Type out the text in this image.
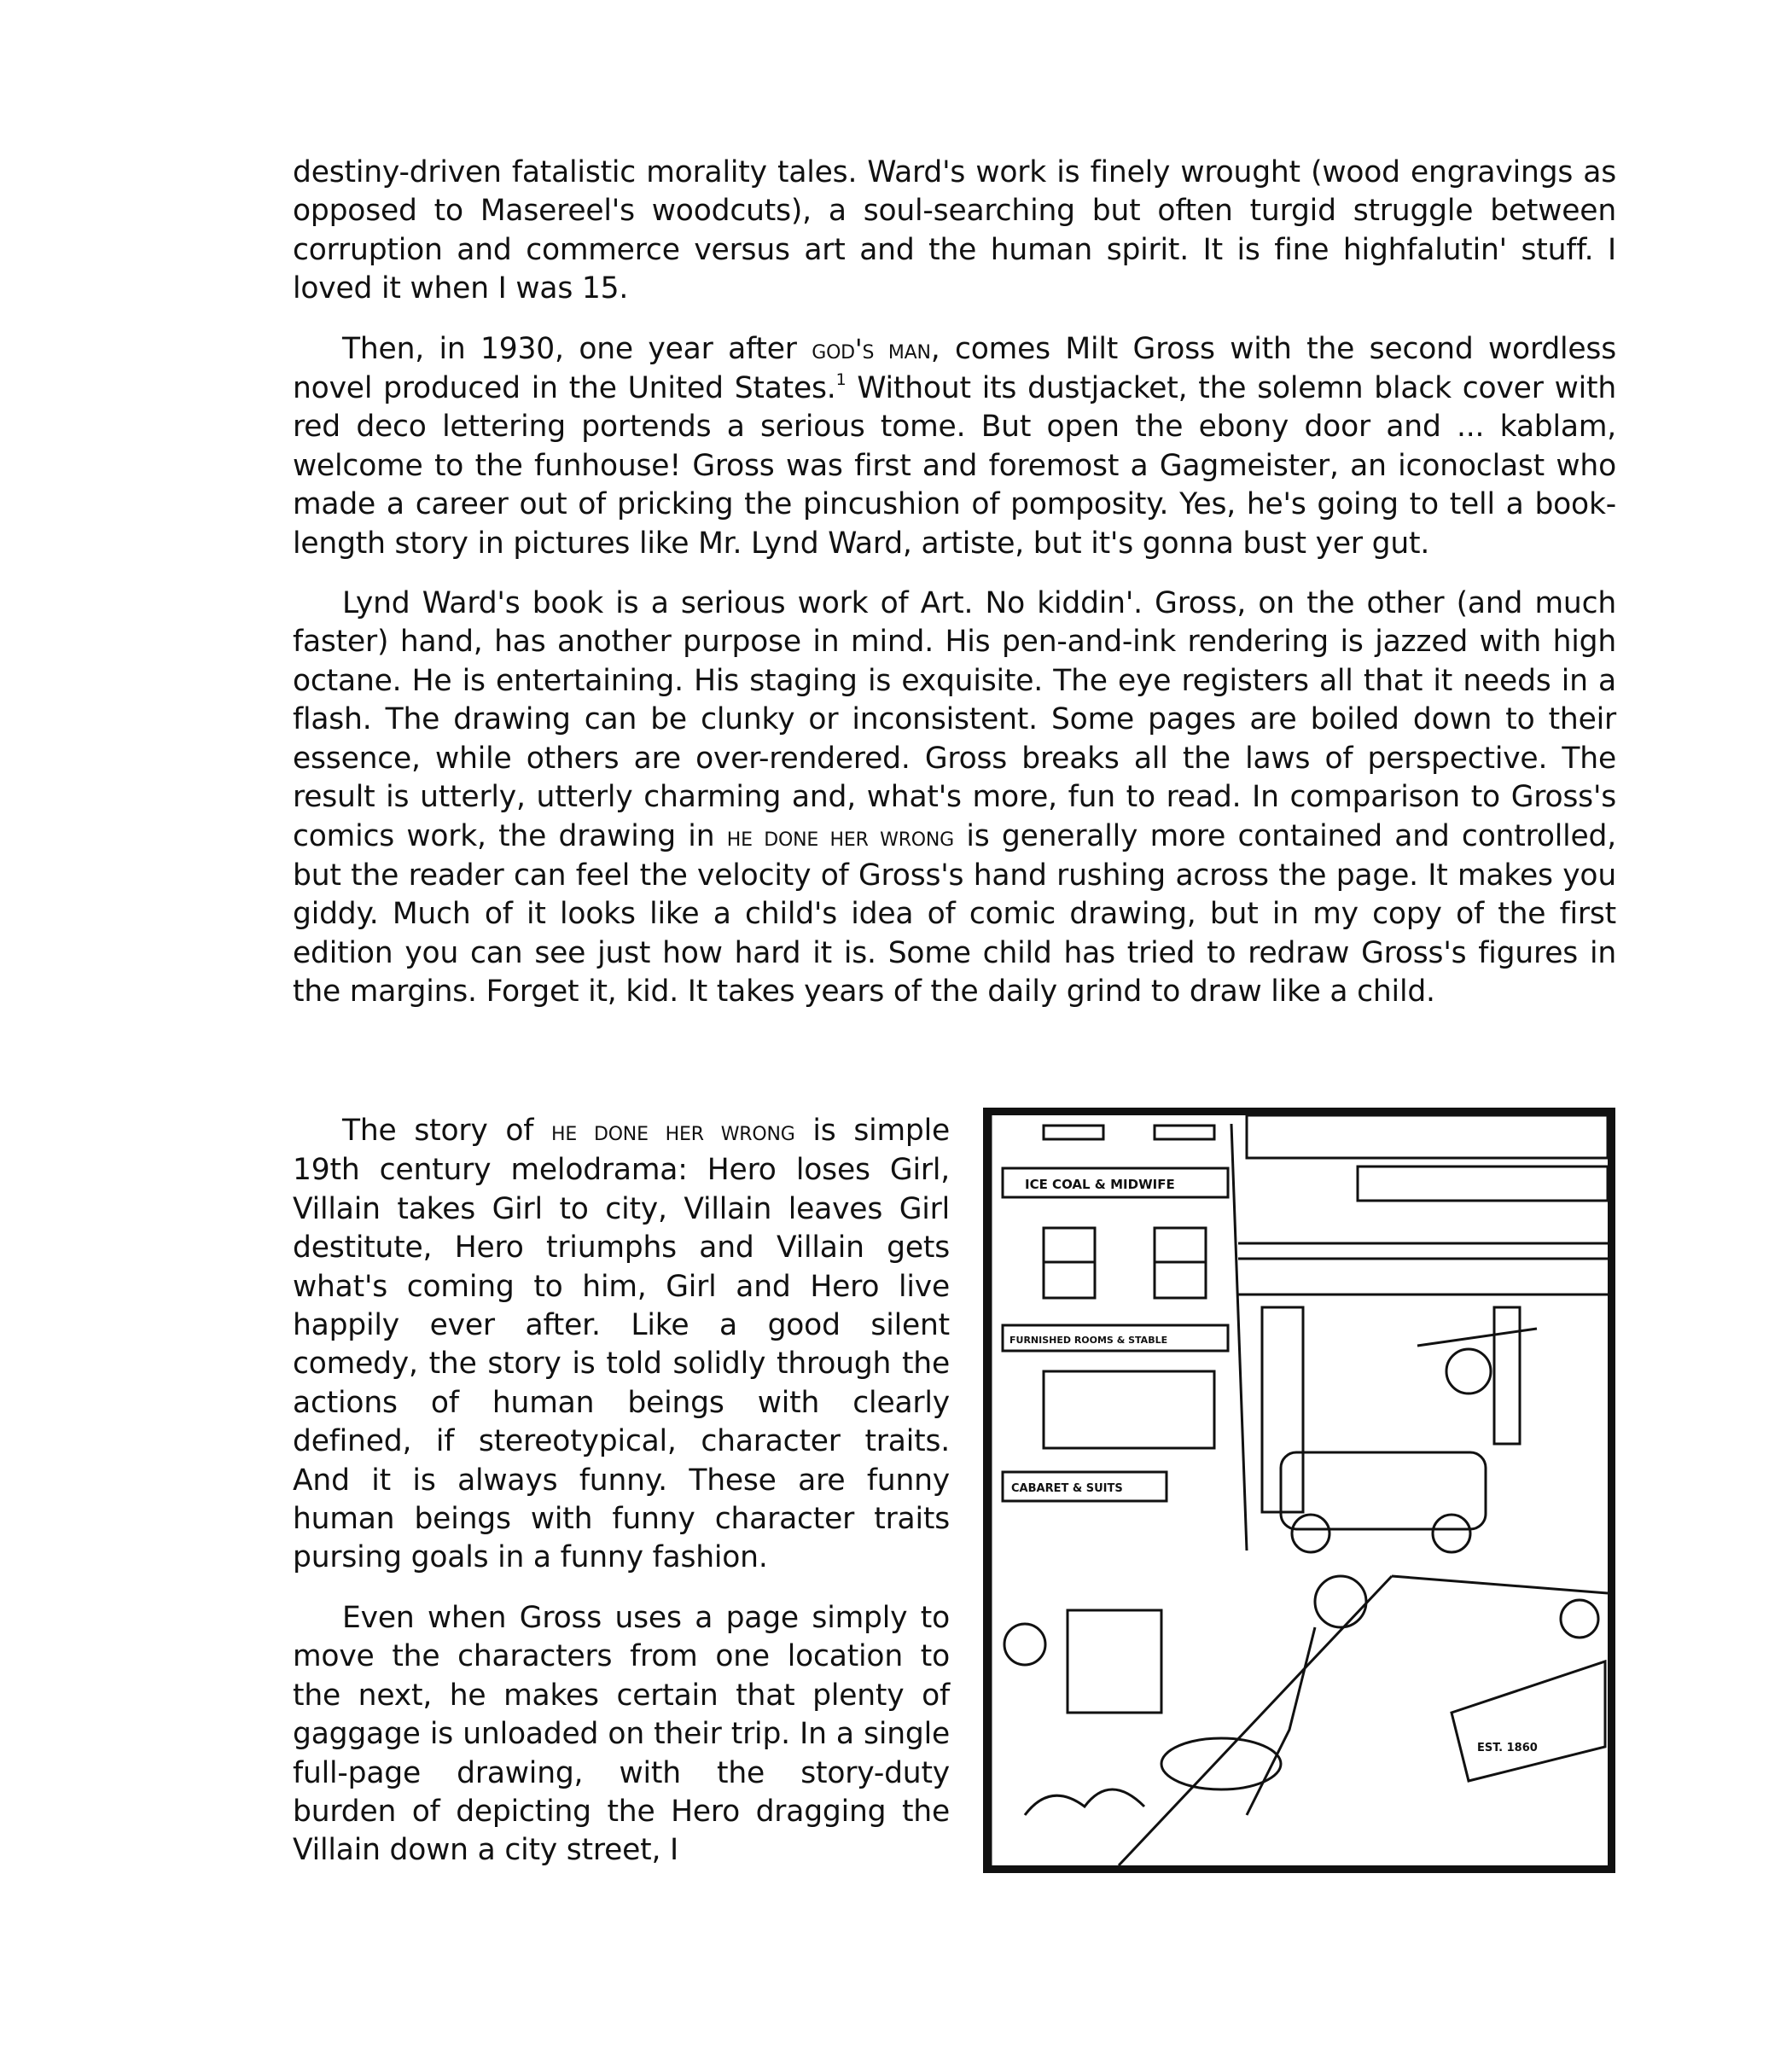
destiny-driven fatalistic morality tales. Ward's work is finely wrought (wood engravings as opposed to Masereel's woodcuts), a soul-searching but often turgid struggle between corruption and commerce versus art and the human spirit. It is fine highfalutin' stuff. I loved it when I was 15.

Then, in 1930, one year after god's man, comes Milt Gross with the second wordless novel produced in the United States.$^1$ Without its dustjacket, the solemn black cover with red deco lettering portends a serious tome. But open the ebony door and ... kablam, welcome to the funhouse! Gross was first and foremost a Gagmeister, an iconoclast who made a career out of pricking the pincushion of pomposity. Yes, he's going to tell a book-length story in pictures like Mr. Lynd Ward, artiste, but it's gonna bust yer gut.

Lynd Ward's book is a serious work of Art. No kiddin'. Gross, on the other (and much faster) hand, has another purpose in mind. His pen-and-ink rendering is jazzed with high octane. He is entertaining. His staging is exquisite. The eye registers all that it needs in a flash. The drawing can be clunky or inconsistent. Some pages are boiled down to their essence, while others are over-rendered. Gross breaks all the laws of perspective. The result is utterly, utterly charming and, what's more, fun to read. In comparison to Gross's comics work, the drawing in he done her wrong is generally more contained and controlled, but the reader can feel the velocity of Gross's hand rushing across the page. It makes you giddy. Much of it looks like a child's idea of comic drawing, but in my copy of the first edition you can see just how hard it is. Some child has tried to redraw Gross's figures in the margins. Forget it, kid. It takes years of the daily grind to draw like a child.

The story of he done her wrong is simple 19th century melodrama: Hero loses Girl, Villain takes Girl to city, Villain leaves Girl destitute, Hero triumphs and Villain gets what's coming to him, Girl and Hero live happily ever after. Like a good silent comedy, the story is told solidly through the actions of human beings with clearly defined, if stereotypical, character traits. And it is always funny. These are funny human beings with funny character traits pursing goals in a funny fashion.

Even when Gross uses a page simply to move the characters from one location to the next, he makes certain that plenty of gaggage is unloaded on their trip. In a single full-page drawing, with the story-duty burden of depicting the Hero dragging the Villain down a city street, I

ICE COAL & MIDWIFE
FURNISHED ROOMS & STABLE
CABARET & SUITS
EST. 1860
